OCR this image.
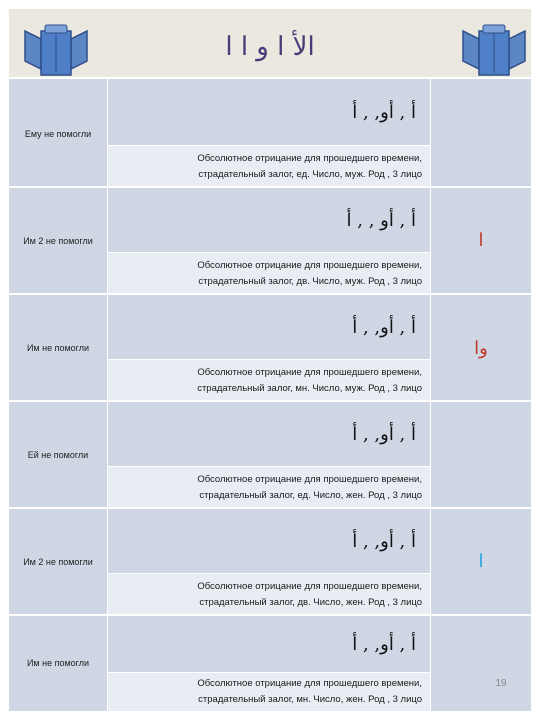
الأ ا و ا ا
Ему не помогли
أ , أو, , أ
Обсолютное отрицание для прошедшего времени,
страдательный залог, ед. Число, муж. Род , 3 лицо
Им 2 не помогли
أ , أو , , أ
Обсолютное отрицание для прошедшего времени,
страдательный залог, дв. Число, муж. Род , 3 лицо
Им не помогли
أ , أو, , أ
Обсолютное отрицание для прошедшего времени,
страдательный залог, мн. Число, муж. Род , 3 лицо
Ей не помогли
أ , أو, , أ
Обсолютное отрицание для прошедшего времени,
страдательный залог, ед. Число, жен. Род , 3 лицо
Им 2 не помогли
أ , أو, , أ
Обсолютное отрицание для прошедшего времени,
страдательный залог, дв. Число, жен. Род , 3 лицо
Им не помогли
أ , أو, , أ
Обсолютное отрицание для прошедшего времени,
страдательный залог, мн. Число, жен. Род , 3 лицо
ا
وا
ا
19
